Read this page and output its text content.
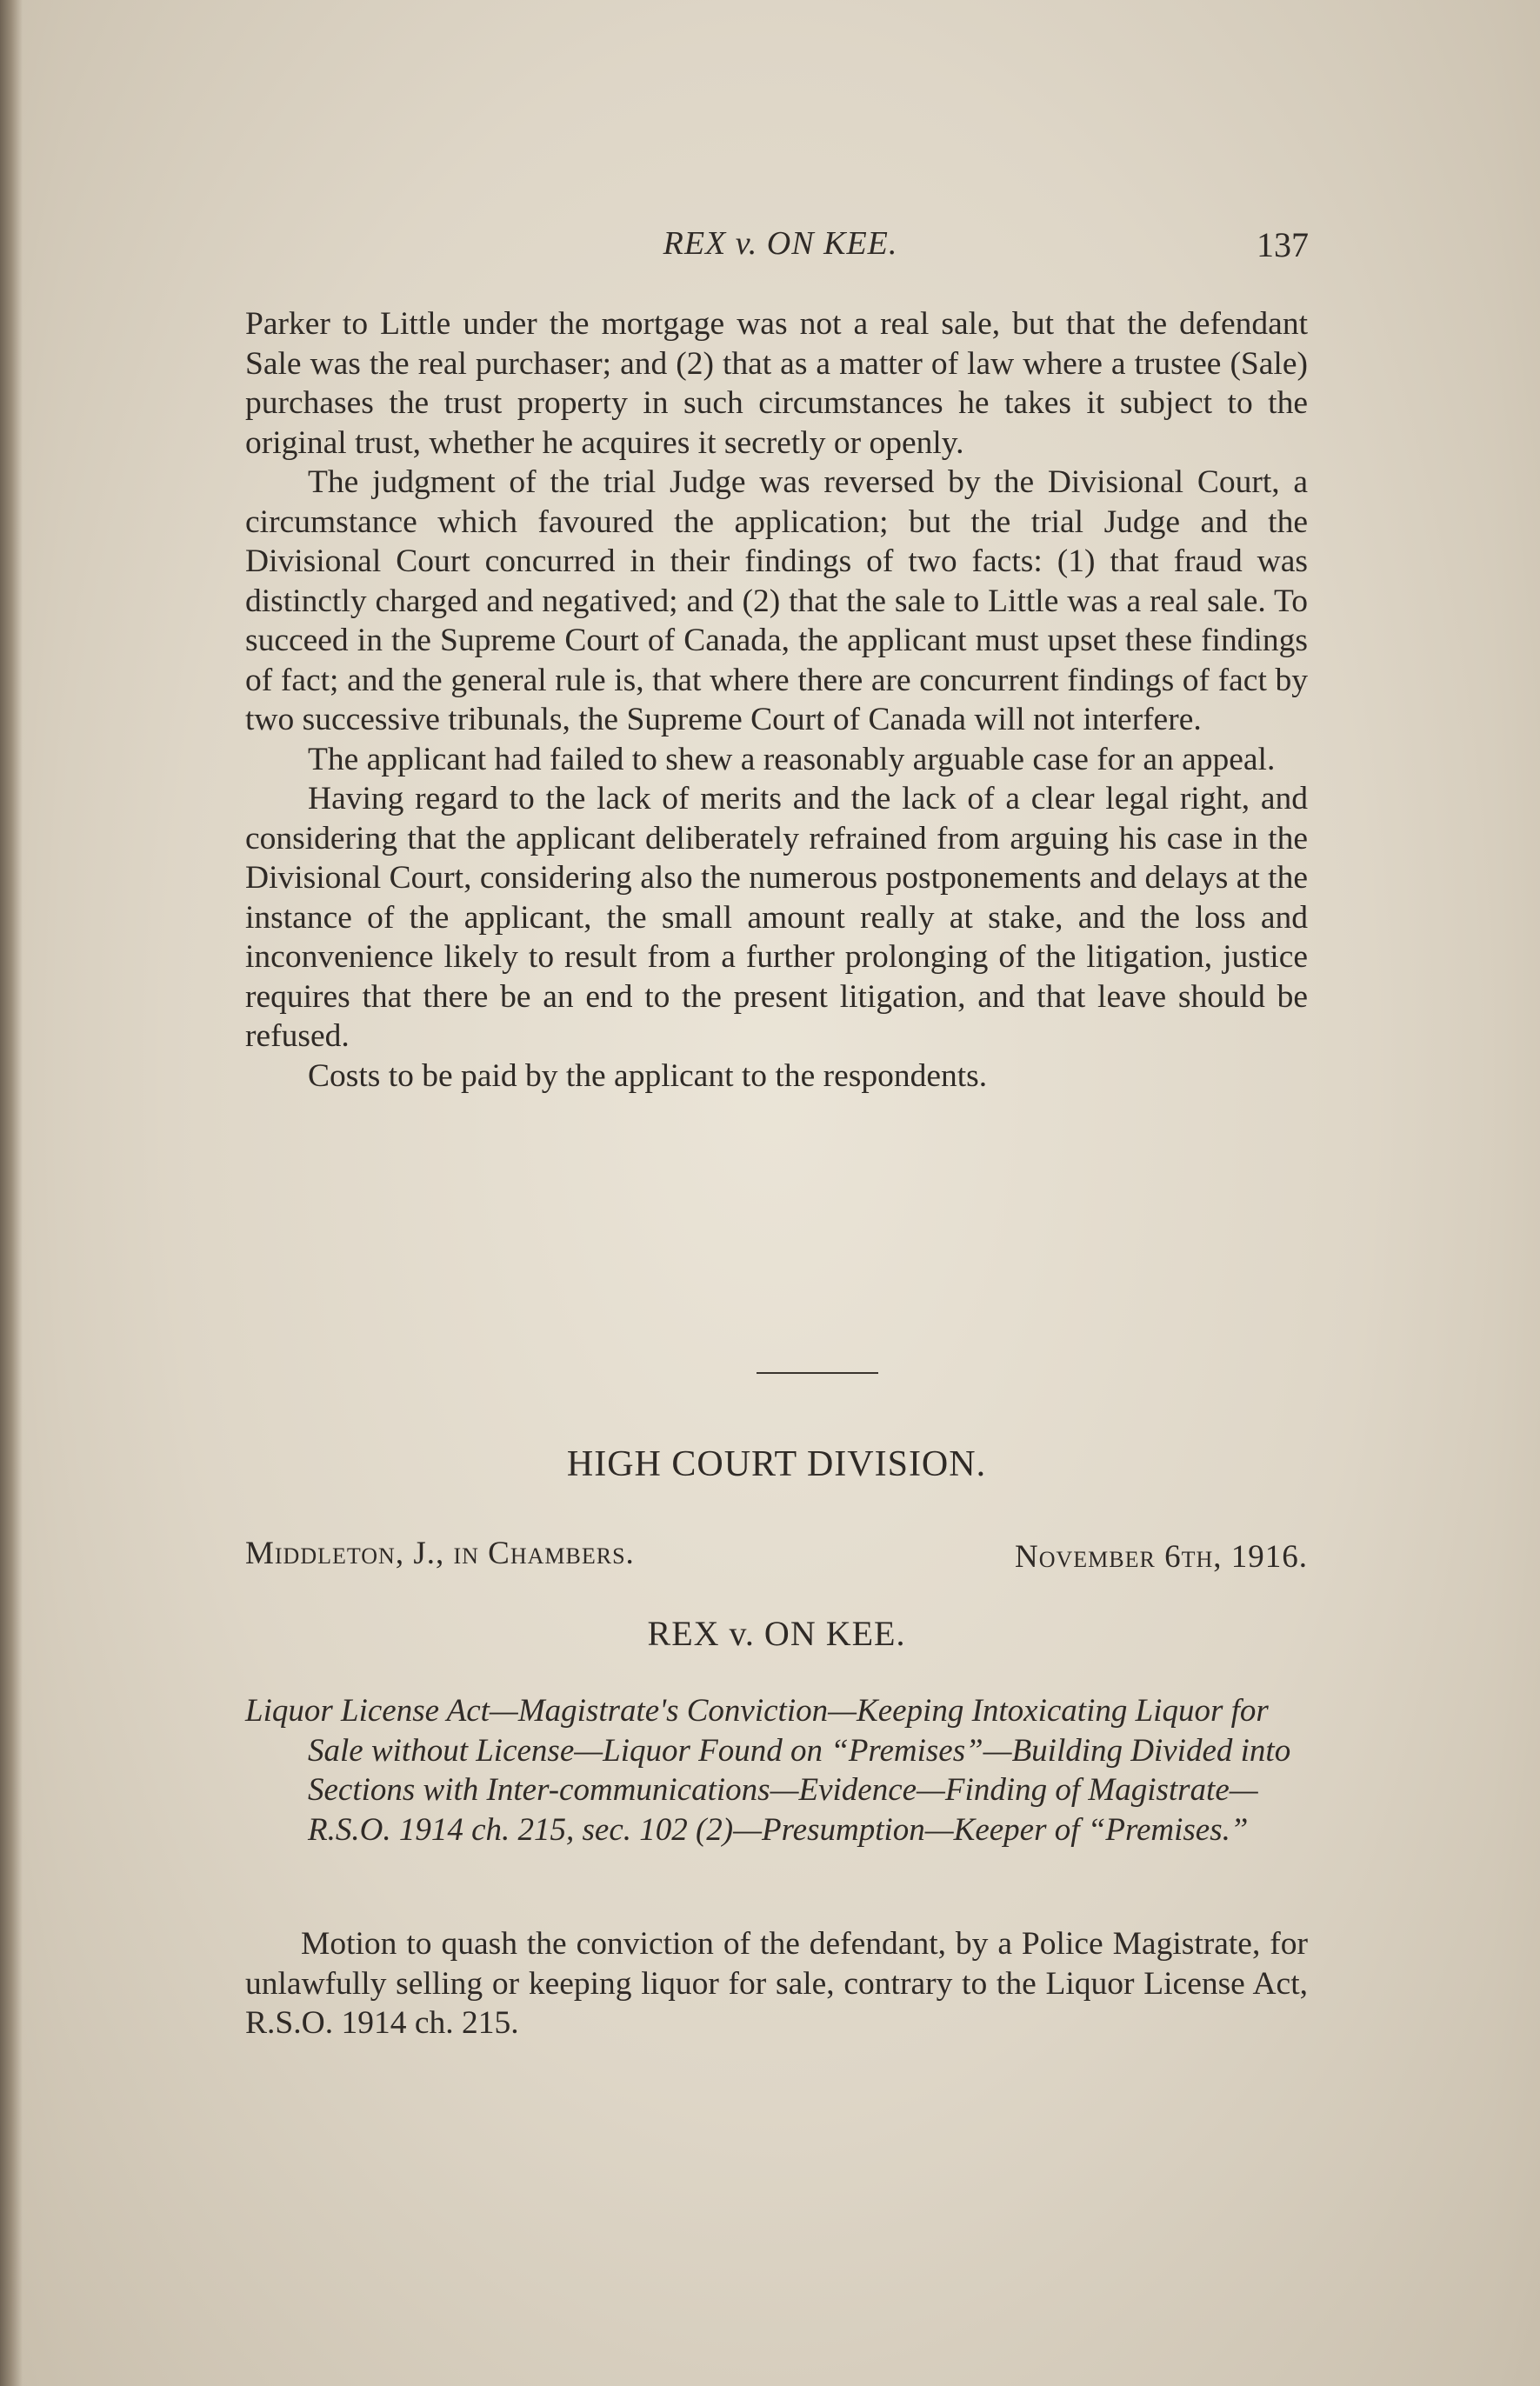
REX v. ON KEE.	137

Parker to Little under the mortgage was not a real sale, but that the defendant Sale was the real purchaser; and (2) that as a matter of law where a trustee (Sale) purchases the trust property in such circumstances he takes it subject to the original trust, whether he acquires it secretly or openly.

The judgment of the trial Judge was reversed by the Divisional Court, a circumstance which favoured the application; but the trial Judge and the Divisional Court concurred in their findings of two facts: (1) that fraud was distinctly charged and negatived; and (2) that the sale to Little was a real sale. To succeed in the Supreme Court of Canada, the applicant must upset these findings of fact; and the general rule is, that where there are concurrent findings of fact by two successive tribunals, the Supreme Court of Canada will not interfere.

The applicant had failed to shew a reasonably arguable case for an appeal.

Having regard to the lack of merits and the lack of a clear legal right, and considering that the applicant deliberately refrained from arguing his case in the Divisional Court, considering also the numerous postponements and delays at the instance of the applicant, the small amount really at stake, and the loss and inconvenience likely to result from a further prolonging of the litigation, justice requires that there be an end to the present litigation, and that leave should be refused.

Costs to be paid by the applicant to the respondents.

HIGH COURT DIVISION.
Middleton, J., in Chambers.	November 6th, 1916.
REX v. ON KEE.

Liquor License Act—Magistrate's Conviction—Keeping Intoxicating Liquor for Sale without License—Liquor Found on “Premises”—Building Divided into Sections with Inter-communications—Evidence—Finding of Magistrate—R.S.O. 1914 ch. 215, sec. 102 (2)—Presumption—Keeper of “Premises.”

Motion to quash the conviction of the defendant, by a Police Magistrate, for unlawfully selling or keeping liquor for sale, contrary to the Liquor License Act, R.S.O. 1914 ch. 215.
